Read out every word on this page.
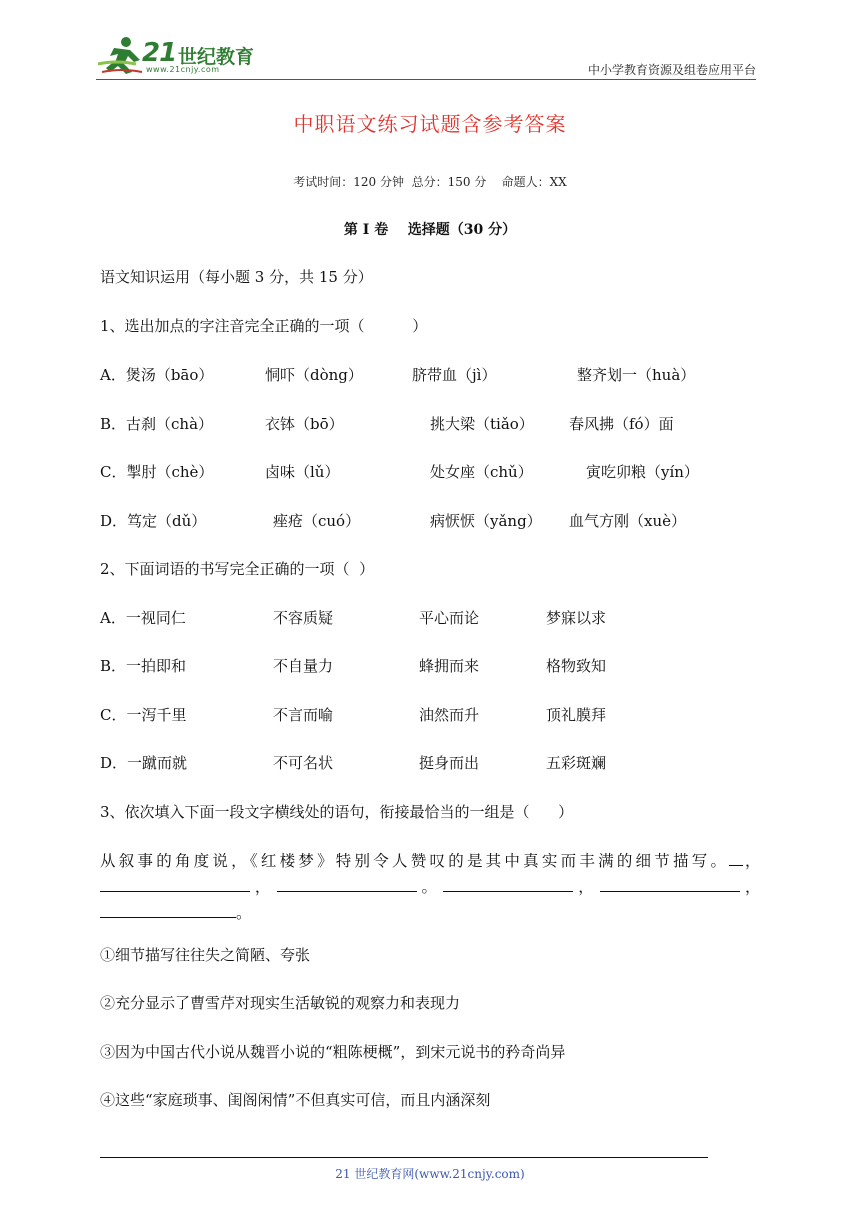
21 世纪教育
www.21cnjy.com	中小学教育资源及组卷应用平台
中职语文练习试题含参考答案
考试时间：120 分钟  总分：150 分    命题人：XX
第 I 卷    选择题（30 分）
语文知识运用（每小题 3 分，共 15 分）
1、选出加点的字注音完全正确的一项（          ）
A．煲汤（bāo）	恫吓（dòng）	脐带血（jì）	整齐划一（huà）
B．古刹（chà）	衣钵（bō）	挑大梁（tiǎo） 春风拂（fó）面
C．掣肘（chè）	卤味（lǔ）	处女座（chǔ）	寅吃卯粮（yín）
D．笃定（dǔ）	痤疮（cuó）	病恹恹（yǎng） 血气方刚（xuè）
2、下面词语的书写完全正确的一项（  ）
A．一视同仁	不容质疑	平心而论	梦寐以求
B．一拍即和	不自量力	蜂拥而来	格物致知
C．一泻千里	不言而喻	油然而升	顶礼膜拜
D．一蹴而就	不可名状	挺身而出	五彩斑斓
3、依次填入下面一段文字横线处的语句，衔接最恰当的一组是（      ）
从叙事的角度说，《红楼梦》特别令人赞叹的是其中真实而丰满的细节描写。 ，，	。	，	，。
①细节描写往往失之简陋、夸张
②充分显示了曹雪芹对现实生活敏锐的观察力和表现力
③因为中国古代小说从魏晋小说的“粗陈梗概”，到宋元说书的矜奇尚异
④这些“家庭琐事、闺阁闲情”不但真实可信，而且内涵深刻
21 世纪教育网(www.21cnjy.com)
